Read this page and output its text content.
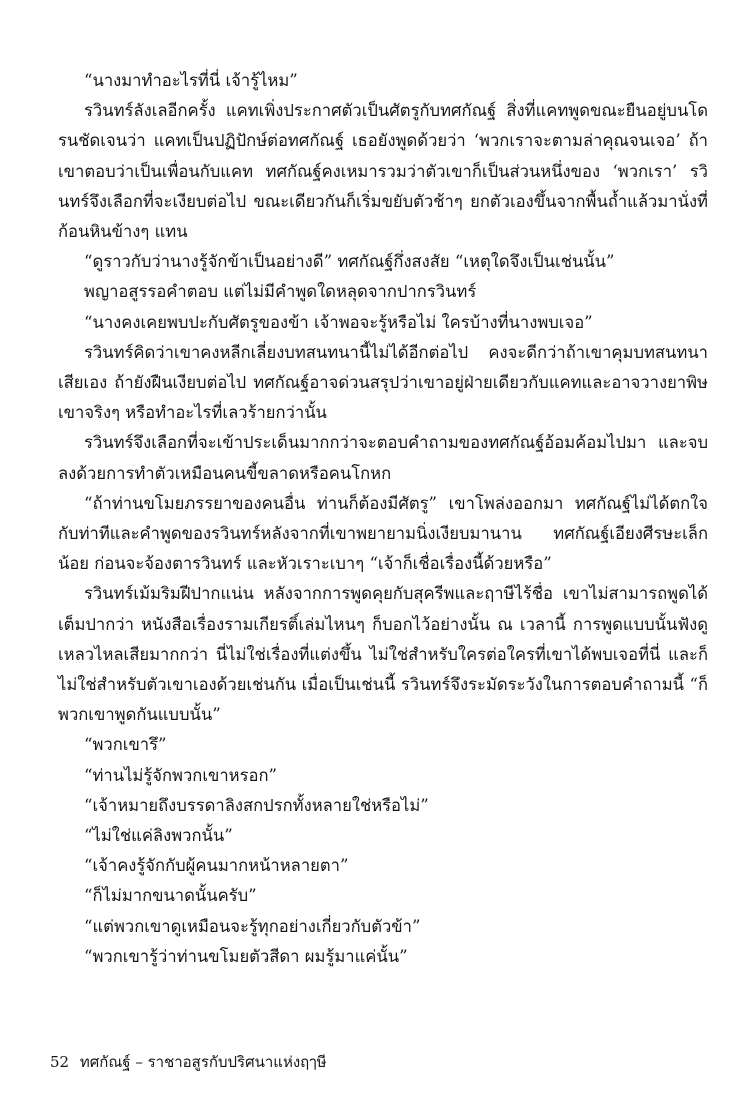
“นางมาทำอะไรที่นี่ เจ้ารู้ไหม”

รวินทร์ลังเลอีกครั้ง แคทเพิ่งประกาศตัวเป็นศัตรูกับทศกัณฐ์ สิ่งที่แคทพูดขณะยืนอยู่บนโดรนชัดเจนว่า แคทเป็นปฏิปักษ์ต่อทศกัณฐ์ เธอยังพูดด้วยว่า ‘พวกเราจะตามล่าคุณจนเจอ’ ถ้าเขาตอบว่าเป็นเพื่อนกับแคท ทศกัณฐ์คงเหมารวมว่าตัวเขาก็เป็นส่วนหนึ่งของ ‘พวกเรา’ รวินทร์จึงเลือกที่จะเงียบต่อไป ขณะเดียวกันก็เริ่มขยับตัวช้าๆ ยกตัวเองขึ้นจากพื้นถ้ำแล้วมานั่งที่ก้อนหินข้างๆ แทน

“ดูราวกับว่านางรู้จักข้าเป็นอย่างดี” ทศกัณฐ์กึ่งสงสัย “เหตุใดจึงเป็นเช่นนั้น”

พญาอสูรรอคำตอบ แต่ไม่มีคำพูดใดหลุดจากปากรวินทร์

“นางคงเคยพบปะกับศัตรูของข้า เจ้าพอจะรู้หรือไม่ ใครบ้างที่นางพบเจอ”

รวินทร์คิดว่าเขาคงหลีกเลี่ยงบทสนทนานี้ไม่ได้อีกต่อไป คงจะดีกว่าถ้าเขาคุมบทสนทนาเสียเอง ถ้ายังฝืนเงียบต่อไป ทศกัณฐ์อาจด่วนสรุปว่าเขาอยู่ฝ่ายเดียวกับแคทและอาจวางยาพิษเขาจริงๆ หรือทำอะไรที่เลวร้ายกว่านั้น

รวินทร์จึงเลือกที่จะเข้าประเด็นมากกว่าจะตอบคำถามของทศกัณฐ์อ้อมค้อมไปมา และจบลงด้วยการทำตัวเหมือนคนขี้ขลาดหรือคนโกหก

“ถ้าท่านขโมยภรรยาของคนอื่น ท่านก็ต้องมีศัตรู” เขาโพล่งออกมา ทศกัณฐ์ไม่ได้ตกใจกับท่าทีและคำพูดของรวินทร์หลังจากที่เขาพยายามนิ่งเงียบมานาน ทศกัณฐ์เอียงศีรษะเล็กน้อย ก่อนจะจ้องตารวินทร์ และหัวเราะเบาๆ “เจ้าก็เชื่อเรื่องนี้ด้วยหรือ”

รวินทร์เม้มริมฝีปากแน่น หลังจากการพูดคุยกับสุครีพและฤาษีไร้ชื่อ เขาไม่สามารถพูดได้เต็มปากว่า หนังสือเรื่องรามเกียรติ์เล่มไหนๆ ก็บอกไว้อย่างนั้น ณ เวลานี้ การพูดแบบนั้นฟังดูเหลวไหลเสียมากกว่า นี่ไม่ใช่เรื่องที่แต่งขึ้น ไม่ใช่สำหรับใครต่อใครที่เขาได้พบเจอที่นี่ และก็ไม่ใช่สำหรับตัวเขาเองด้วยเช่นกัน เมื่อเป็นเช่นนี้ รวินทร์จึงระมัดระวังในการตอบคำถามนี้ “ก็พวกเขาพูดกันแบบนั้น”

“พวกเขารึ”

“ท่านไม่รู้จักพวกเขาหรอก”

“เจ้าหมายถึงบรรดาลิงสกปรกทั้งหลายใช่หรือไม่”

“ไม่ใช่แค่ลิงพวกนั้น”

“เจ้าคงรู้จักกับผู้คนมากหน้าหลายตา”

“ก็ไม่มากขนาดนั้นครับ”

“แต่พวกเขาดูเหมือนจะรู้ทุกอย่างเกี่ยวกับตัวข้า”

“พวกเขารู้ว่าท่านขโมยตัวสีดา ผมรู้มาแค่นั้น”

52 ทศกัณฐ์ – ราชาอสูรกับปริศนาแห่งฤๅษี
